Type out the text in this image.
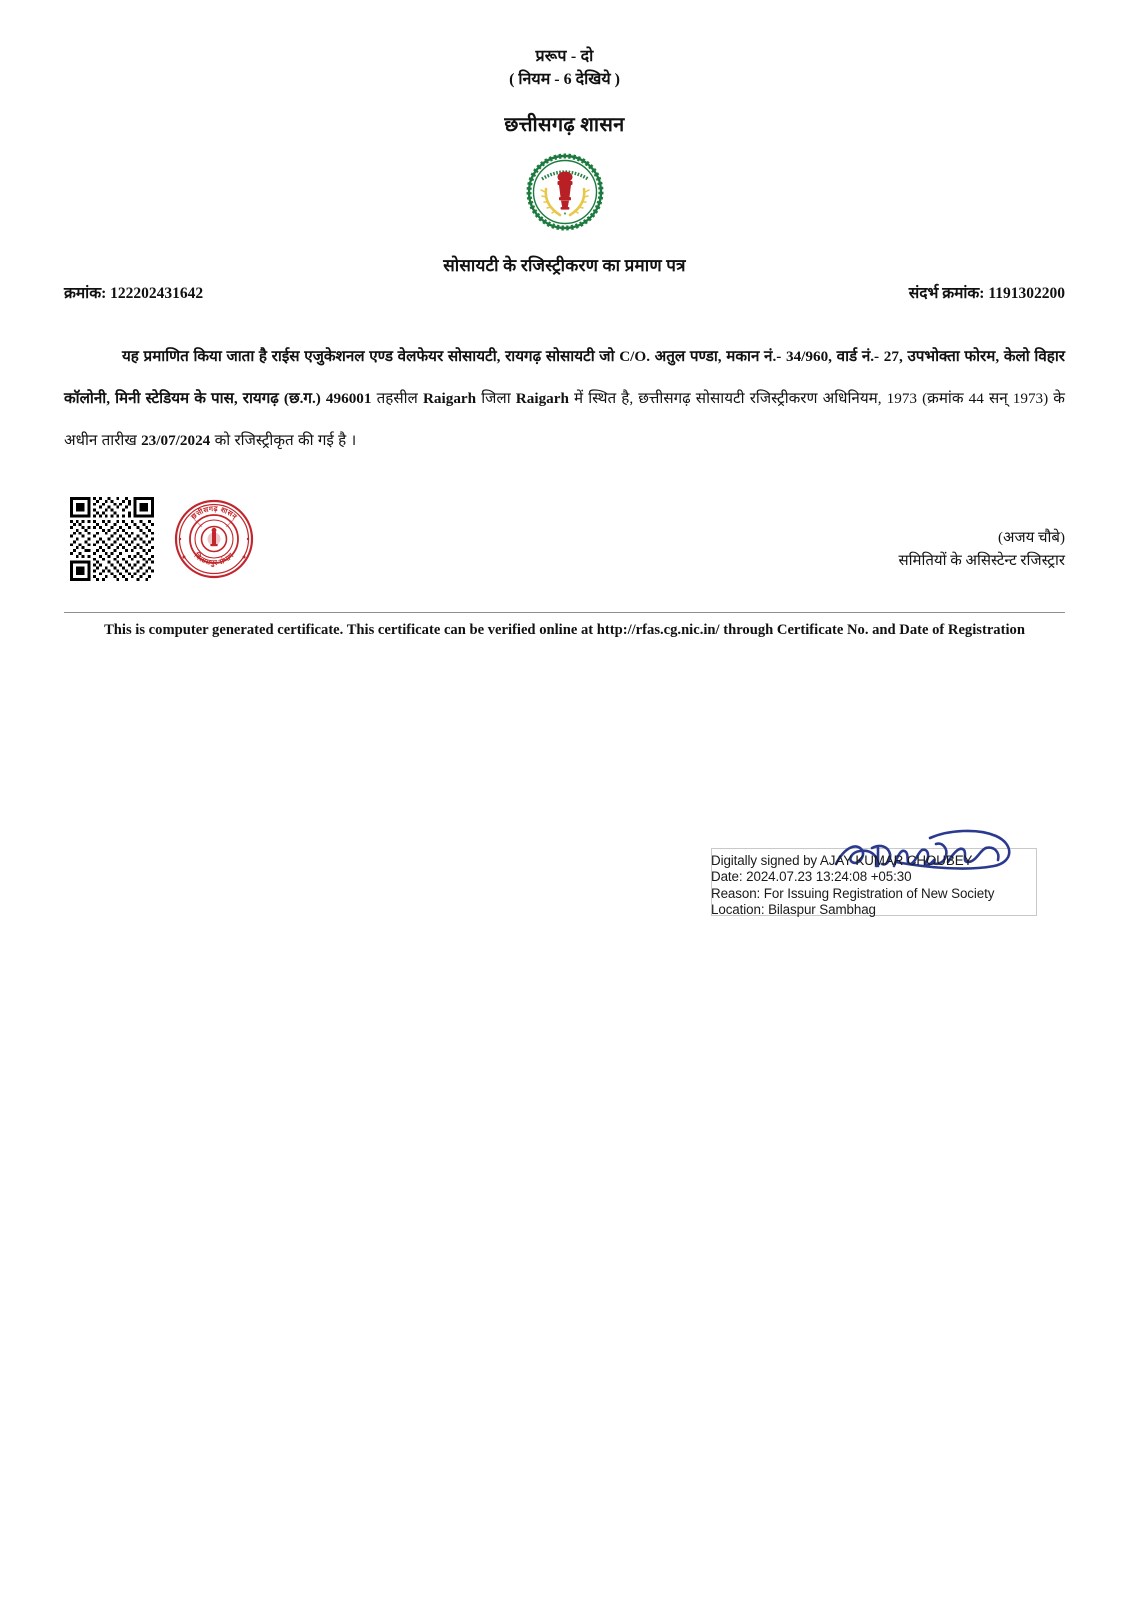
प्ररूप - दो
( नियम - 6 देखिये )
छत्तीसगढ़ शासन
सोसायटी के रजिस्ट्रीकरण का प्रमाण पत्र
क्रमांक: 122202431642	संदर्भ क्रमांक: 1191302200
यह प्रमाणित किया जाता है राईस एजुकेशनल एण्ड वेलफेयर सोसायटी, रायगढ़ सोसायटी जो C/O. अतुल पण्डा, मकान नं.- 34/960, वार्ड नं.- 27, उपभोक्ता फोरम, केलो विहार कॉलोनी, मिनी स्टेडियम के पास, रायगढ़ (छ.ग.) 496001 तहसील Raigarh जिला Raigarh में स्थित है, छत्तीसगढ़ सोसायटी रजिस्ट्रीकरण अधिनियम, 1973 (क्रमांक 44 सन् 1973) के अधीन तारीख 23/07/2024 को रजिस्ट्रीकृत की गई है ।
छत्तीसगढ़ शासन
बिलासपुर संभाग
(अजय चौबे)
समितियों के असिस्टेन्ट रजिस्ट्रार
This is computer generated certificate. This certificate can be verified online at http://rfas.cg.nic.in/ through Certificate No. and Date of Registration
Digitally signed by AJAY KUMAR CHOUBEY
Date: 2024.07.23 13:24:08 +05:30
Reason: For Issuing Registration of New Society
Location: Bilaspur Sambhag
